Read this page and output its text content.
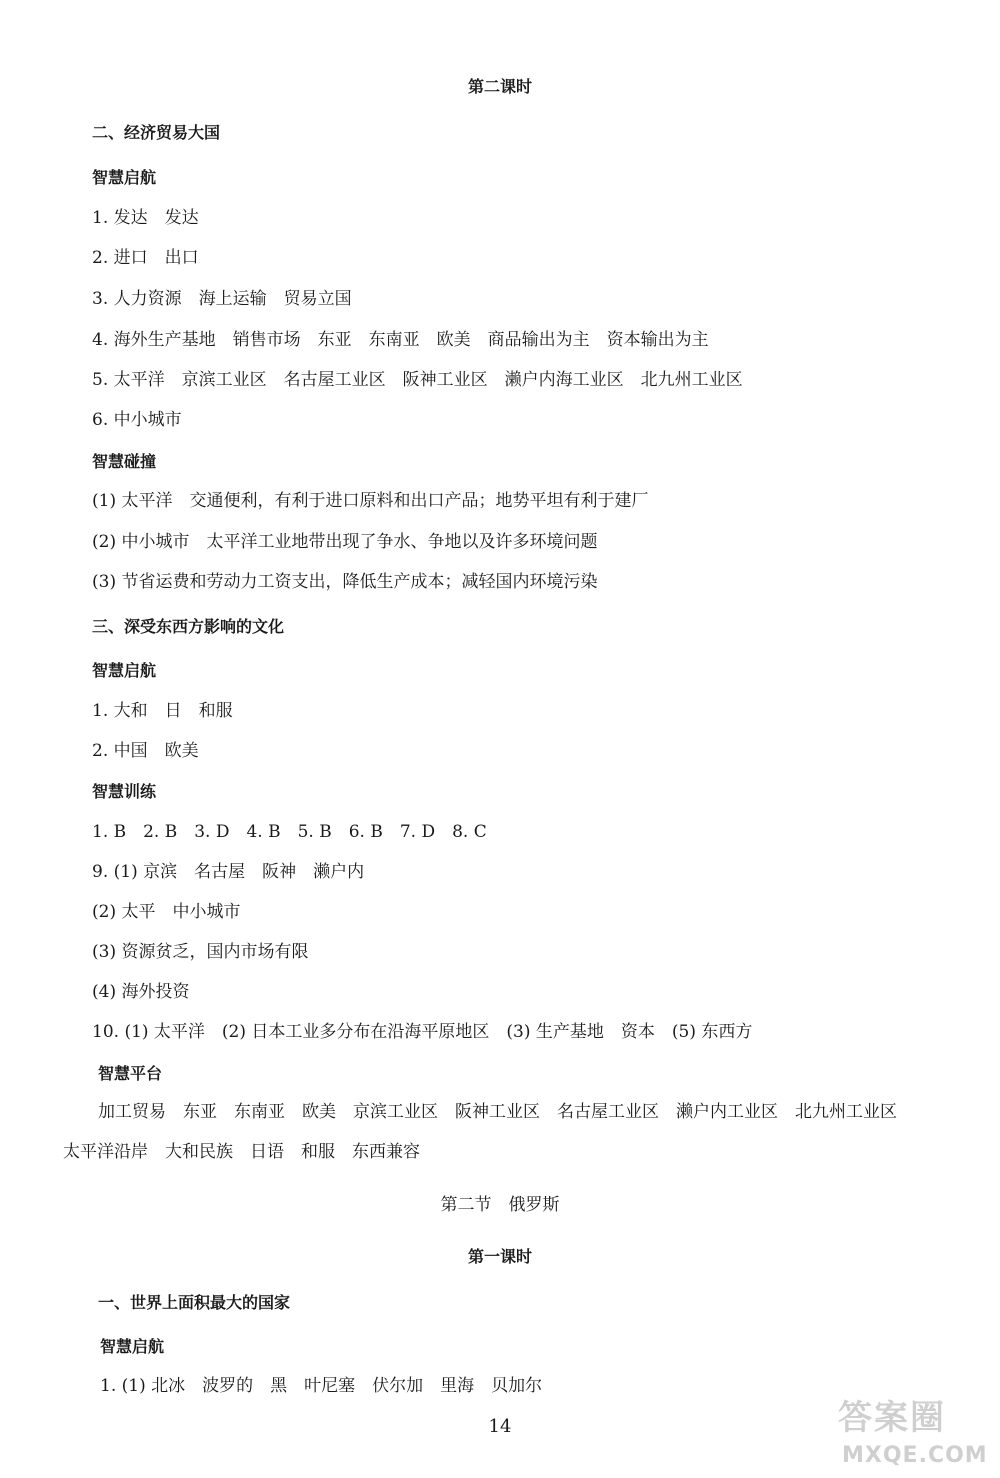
第二课时
二、经济贸易大国
智慧启航
1. 发达　发达
2. 进口　出口
3. 人力资源　海上运输　贸易立国
4. 海外生产基地　销售市场　东亚　东南亚　欧美　商品输出为主　资本输出为主
5. 太平洋　京滨工业区　名古屋工业区　阪神工业区　濑户内海工业区　北九州工业区
6. 中小城市
智慧碰撞
(1) 太平洋　交通便利，有利于进口原料和出口产品；地势平坦有利于建厂
(2) 中小城市　太平洋工业地带出现了争水、争地以及许多环境问题
(3) 节省运费和劳动力工资支出，降低生产成本；减轻国内环境污染
三、深受东西方影响的文化
智慧启航
1. 大和　日　和服
2. 中国　欧美
智慧训练
1. B　2. B　3. D　4. B　5. B　6. B　7. D　8. C
9. (1) 京滨　名古屋　阪神　濑户内
(2) 太平　中小城市
(3) 资源贫乏，国内市场有限
(4) 海外投资
10. (1) 太平洋　(2) 日本工业多分布在沿海平原地区　(3) 生产基地　资本　(5) 东西方
智慧平台
加工贸易　东亚　东南亚　欧美　京滨工业区　阪神工业区　名古屋工业区　濑户内工业区　北九州工业区
太平洋沿岸　大和民族　日语　和服　东西兼容
第二节　俄罗斯
第一课时
一、世界上面积最大的国家
智慧启航
1. (1) 北冰　波罗的　黑　叶尼塞　伏尔加　里海　贝加尔
14	答案圈
MXQE.COM
